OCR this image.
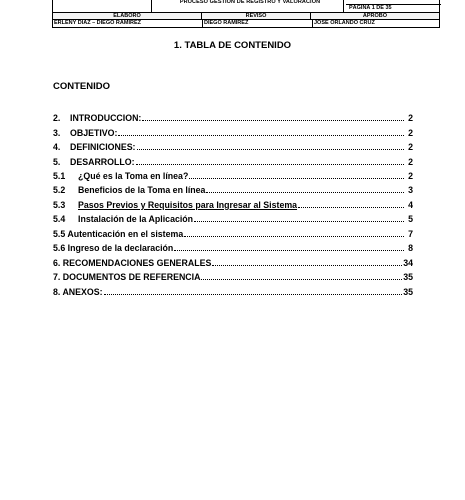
PROCESO GESTIÓN DE REGISTRO Y VALORACIÓN
PÁGINA 1 DE 35
ELABORÓ	REVISÓ	APROBÓ
ERLENY DIAZ – DIEGO RAMIREZ	DIEGO RAMIREZ	JOSE ORLANDO CRUZ
1. TABLA DE CONTENIDO
CONTENIDO
2.	INTRODUCCION:	2
3.	OBJETIVO:	2
4.	DEFINICIONES:	2
5.	DESARROLLO:	2
5.1	¿Qué es la Toma en línea?	2
5.2	Beneficios de la Toma en línea	3
5.3	Pasos Previos y Requisitos para Ingresar al Sistema	4
5.4	Instalación de la Aplicación	5
5.5 Autenticación en el sistema	7
5.6 Ingreso de la declaración	8
6. RECOMENDACIONES GENERALES	34
7. DOCUMENTOS DE REFERENCIA	35
8. ANEXOS:	35
